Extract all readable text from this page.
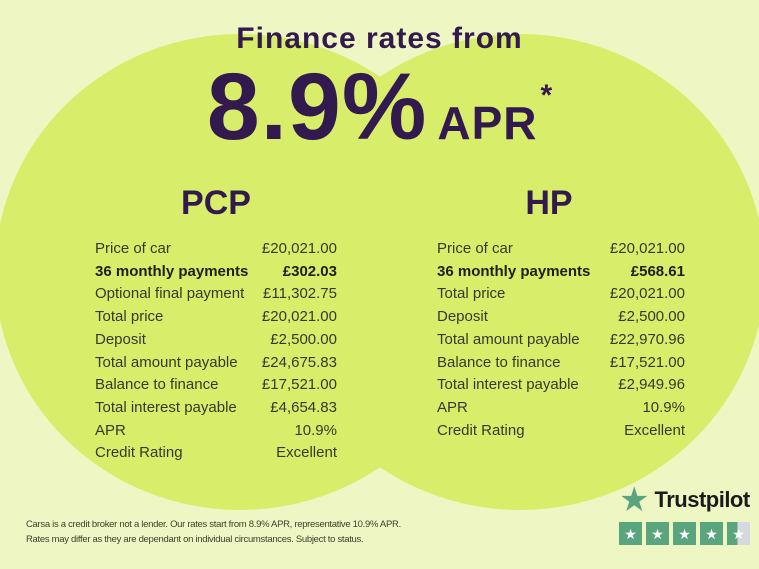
Finance rates from
8.9% APR
*
PCP
Price of car	£20,021.00
36 monthly payments £302.03
Optional final payment £11,302.75
Total price	£20,021.00
Deposit	£2,500.00
Total amount payable £24,675.83
Balance to finance	£17,521.00
Total interest payable £4,654.83
APR	10.9%
Credit Rating	Excellent
HP
Price of car	£20,021.00
36 monthly payments	£568.61
Total price	£20,021.00
Deposit	£2,500.00
Total amount payable £22,970.96
Balance to finance	£17,521.00
Total interest payable	£2,949.96
APR	10.9%
Credit Rating	Excellent
Carsa is a credit broker not a lender. Our rates start from 8.9% APR, representative 10.9% APR.
Rates may differ as they are dependant on individual circumstances. Subject to status.
★ Trustpilot
★	★	★	★	★
